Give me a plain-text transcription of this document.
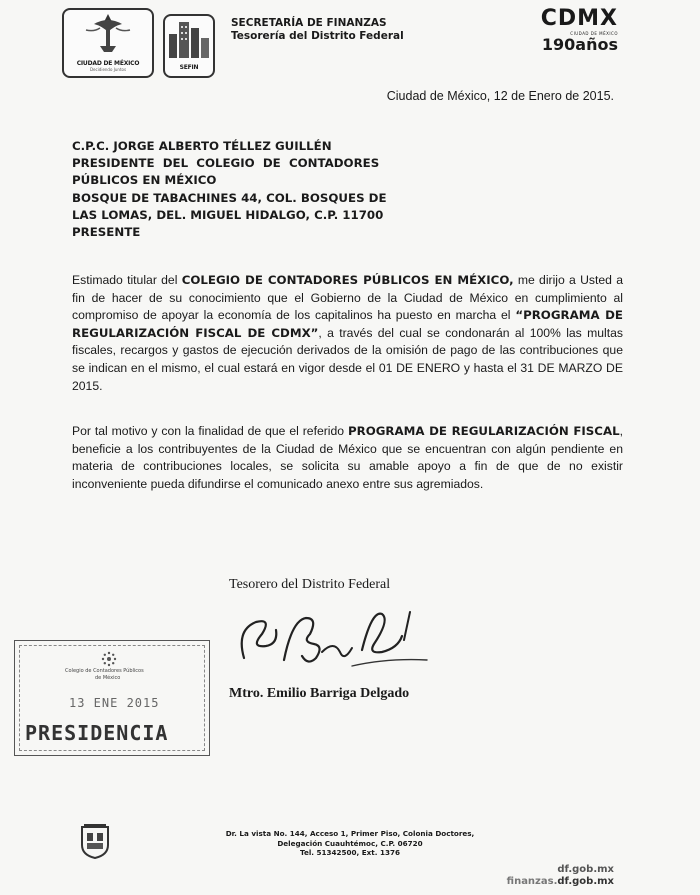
CIUDAD DE MÉXICO
Decidiendo Juntos	SEFIN
SECRETARÍA DE FINANZAS
Tesorería del Distrito Federal
CDMX
CIUDAD DE MÉXICO
190años
Ciudad de México, 12 de Enero de 2015.
C.P.C. JORGE ALBERTO TÉLLEZ GUILLÉN
PRESIDENTE  DEL  COLEGIO  DE  CONTADORES
PÚBLICOS EN MÉXICO
BOSQUE DE TABACHINES 44, COL. BOSQUES DE
LAS LOMAS, DEL. MIGUEL HIDALGO, C.P. 11700
PRESENTE
Estimado titular del COLEGIO DE CONTADORES PÚBLICOS EN MÉXICO, me dirijo a Usted a fin de hacer de su conocimiento que el Gobierno de la Ciudad de México en cumplimiento al compromiso de apoyar la economía de los capitalinos ha puesto en marcha el “PROGRAMA DE REGULARIZACIÓN FISCAL DE CDMX”, a través del cual se condonarán al 100% las multas fiscales, recargos y gastos de ejecución derivados de la omisión de pago de las contribuciones que se indican en el mismo, el cual estará en vigor desde el 01 DE ENERO y hasta el 31 DE MARZO DE 2015.
Por tal motivo y con la finalidad de que el referido PROGRAMA DE REGULARIZACIÓN FISCAL, beneficie a los contribuyentes de la Ciudad de México que se encuentran con algún pendiente en materia de contribuciones locales, se solicita su amable apoyo a fin de que de no existir inconveniente pueda difundirse el comunicado anexo entre sus agremiados.
Tesorero del Distrito Federal
Mtro. Emilio Barriga Delgado
Colegio de Contadores Públicos
de México
13 ENE 2015
PRESIDENCIA
Dr. La vista No. 144, Acceso 1, Primer Piso, Colonia Doctores,
Delegación Cuauhtémoc, C.P. 06720
Tel. 51342500, Ext. 1376
df.gob.mx
finanzas.df.gob.mx
